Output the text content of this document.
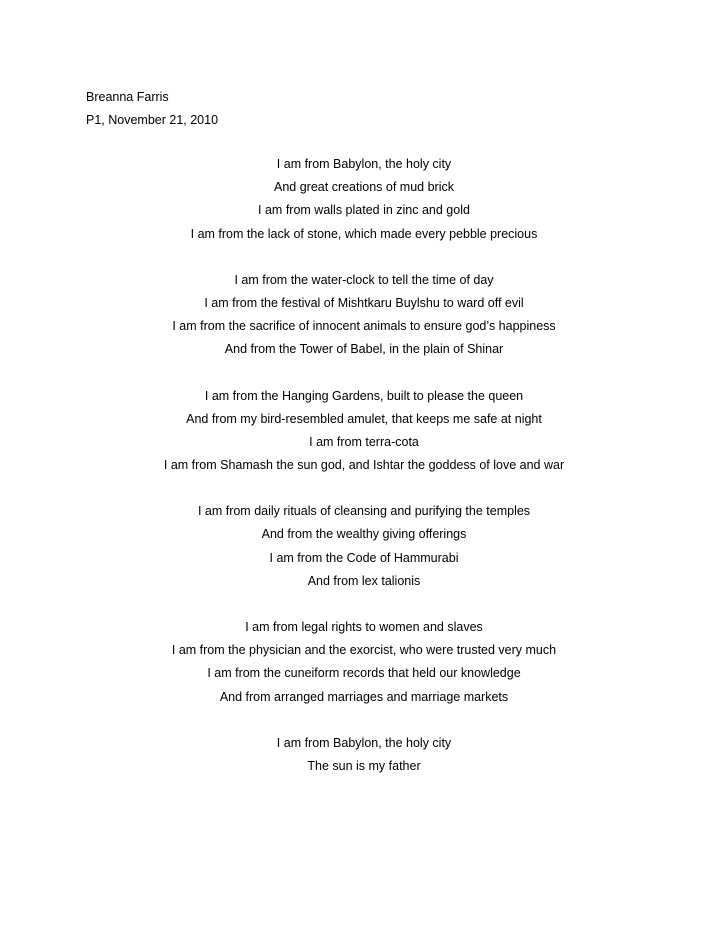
Breanna Farris
P1, November 21, 2010
I am from Babylon, the holy city
And great creations of mud brick
I am from walls plated in zinc and gold
I am from the lack of stone, which made every pebble precious
I am from the water-clock to tell the time of day
I am from the festival of Mishtkaru Buylshu to ward off evil
I am from the sacrifice of innocent animals to ensure god’s happiness
And from the Tower of Babel, in the plain of Shinar
I am from the Hanging Gardens, built to please the queen
And from my bird-resembled amulet, that keeps me safe at night
I am from terra-cota
I am from Shamash the sun god, and Ishtar the goddess of love and war
I am from daily rituals of cleansing and purifying the temples
And from the wealthy giving offerings
I am from the Code of Hammurabi
And from lex talionis
I am from legal rights to women and slaves
I am from the physician and the exorcist, who were trusted very much
I am from the cuneiform records that held our knowledge
And from arranged marriages and marriage markets
I am from Babylon, the holy city
The sun is my father
